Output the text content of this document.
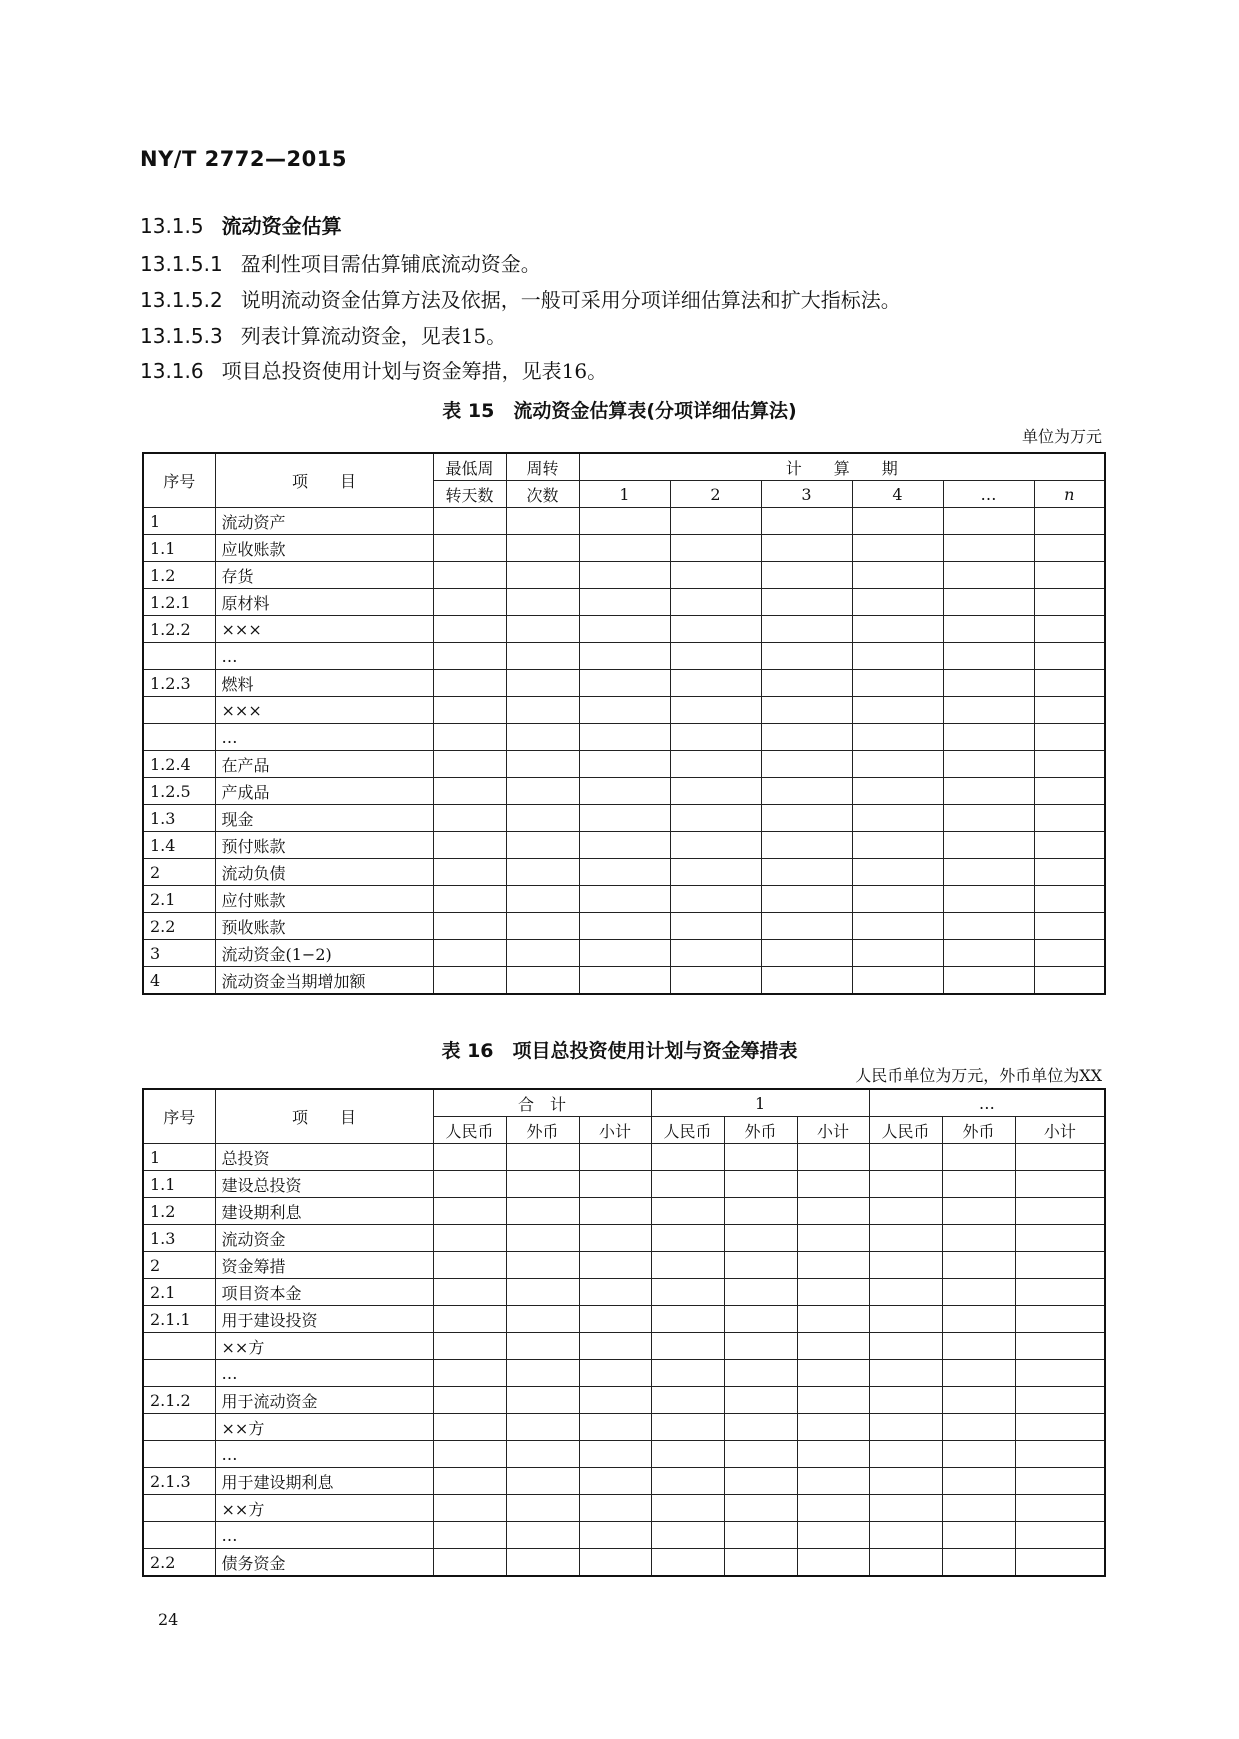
NY/T 2772—2015
13.1.5 流动资金估算
13.1.5.1 盈利性项目需估算铺底流动资金。
13.1.5.2 说明流动资金估算方法及依据，一般可采用分项详细估算法和扩大指标法。
13.1.5.3 列表计算流动资金，见表15。
13.1.6 项目总投资使用计划与资金筹措，见表16。
表 15　流动资金估算表(分项详细估算法)
单位为万元
序号	项　　目	最低周	周转	计　　算　　期					
		转天数	次数	1	2	3	4	…	n
1	流动资产								
1.1	应收账款								
1.2	存货								
1.2.1	原材料								
1.2.2	×××								
	…								
1.2.3	燃料								
	×××								
	…								
1.2.4	在产品								
1.2.5	产成品								
1.3	现金								
1.4	预付账款								
2	流动负债								
2.1	应付账款								
2.2	预收账款								
3	流动资金(1−2)								
4	流动资金当期增加额								
表 16　项目总投资使用计划与资金筹措表
人民币单位为万元，外币单位为XX
序号	项　　目	合　计			1			…		
		人民币	外币	小计	人民币	外币	小计	人民币	外币	小计
1	总投资									
1.1	建设总投资									
1.2	建设期利息									
1.3	流动资金									
2	资金筹措									
2.1	项目资本金									
2.1.1	用于建设投资									
	××方									
	…									
2.1.2	用于流动资金									
	××方									
	…									
2.1.3	用于建设期利息									
	××方									
	…									
2.2	债务资金									
24
